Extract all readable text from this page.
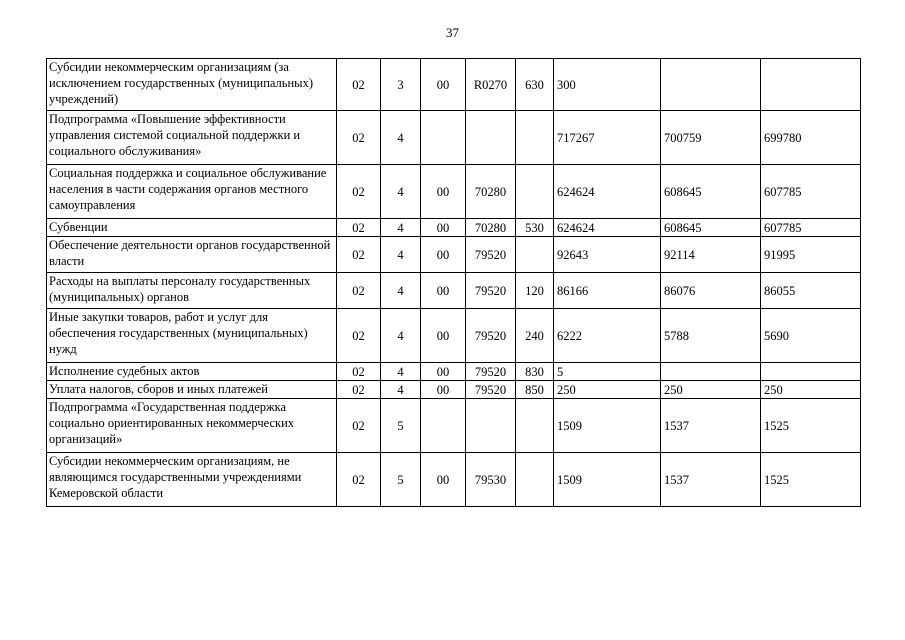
37
Субсидии некоммерческим организациям (за исключением государственных (муниципальных) учреждений)	02	3	00	R0270	630	300		
Подпрограмма «Повышение эффективности управления системой социальной поддержки и социального обслуживания»	02	4				717267	700759	699780
Социальная поддержка и социальное обслуживание населения в части содержания органов местного самоуправления	02	4	00	70280		624624	608645	607785
Субвенции	02	4	00	70280	530	624624	608645	607785
Обеспечение деятельности органов государственной власти	02	4	00	79520		92643	92114	91995
Расходы на выплаты персоналу государственных (муниципальных) органов	02	4	00	79520	120	86166	86076	86055
Иные закупки товаров, работ и услуг для обеспечения государственных (муниципальных) нужд	02	4	00	79520	240	6222	5788	5690
Исполнение судебных актов	02	4	00	79520	830	5		
Уплата налогов, сборов и иных платежей	02	4	00	79520	850	250	250	250
Подпрограмма «Государственная поддержка социально ориентированных некоммерческих организаций»	02	5				1509	1537	1525
Субсидии некоммерческим организациям, не являющимся государственными учреждениями Кемеровской области	02	5	00	79530		1509	1537	1525
